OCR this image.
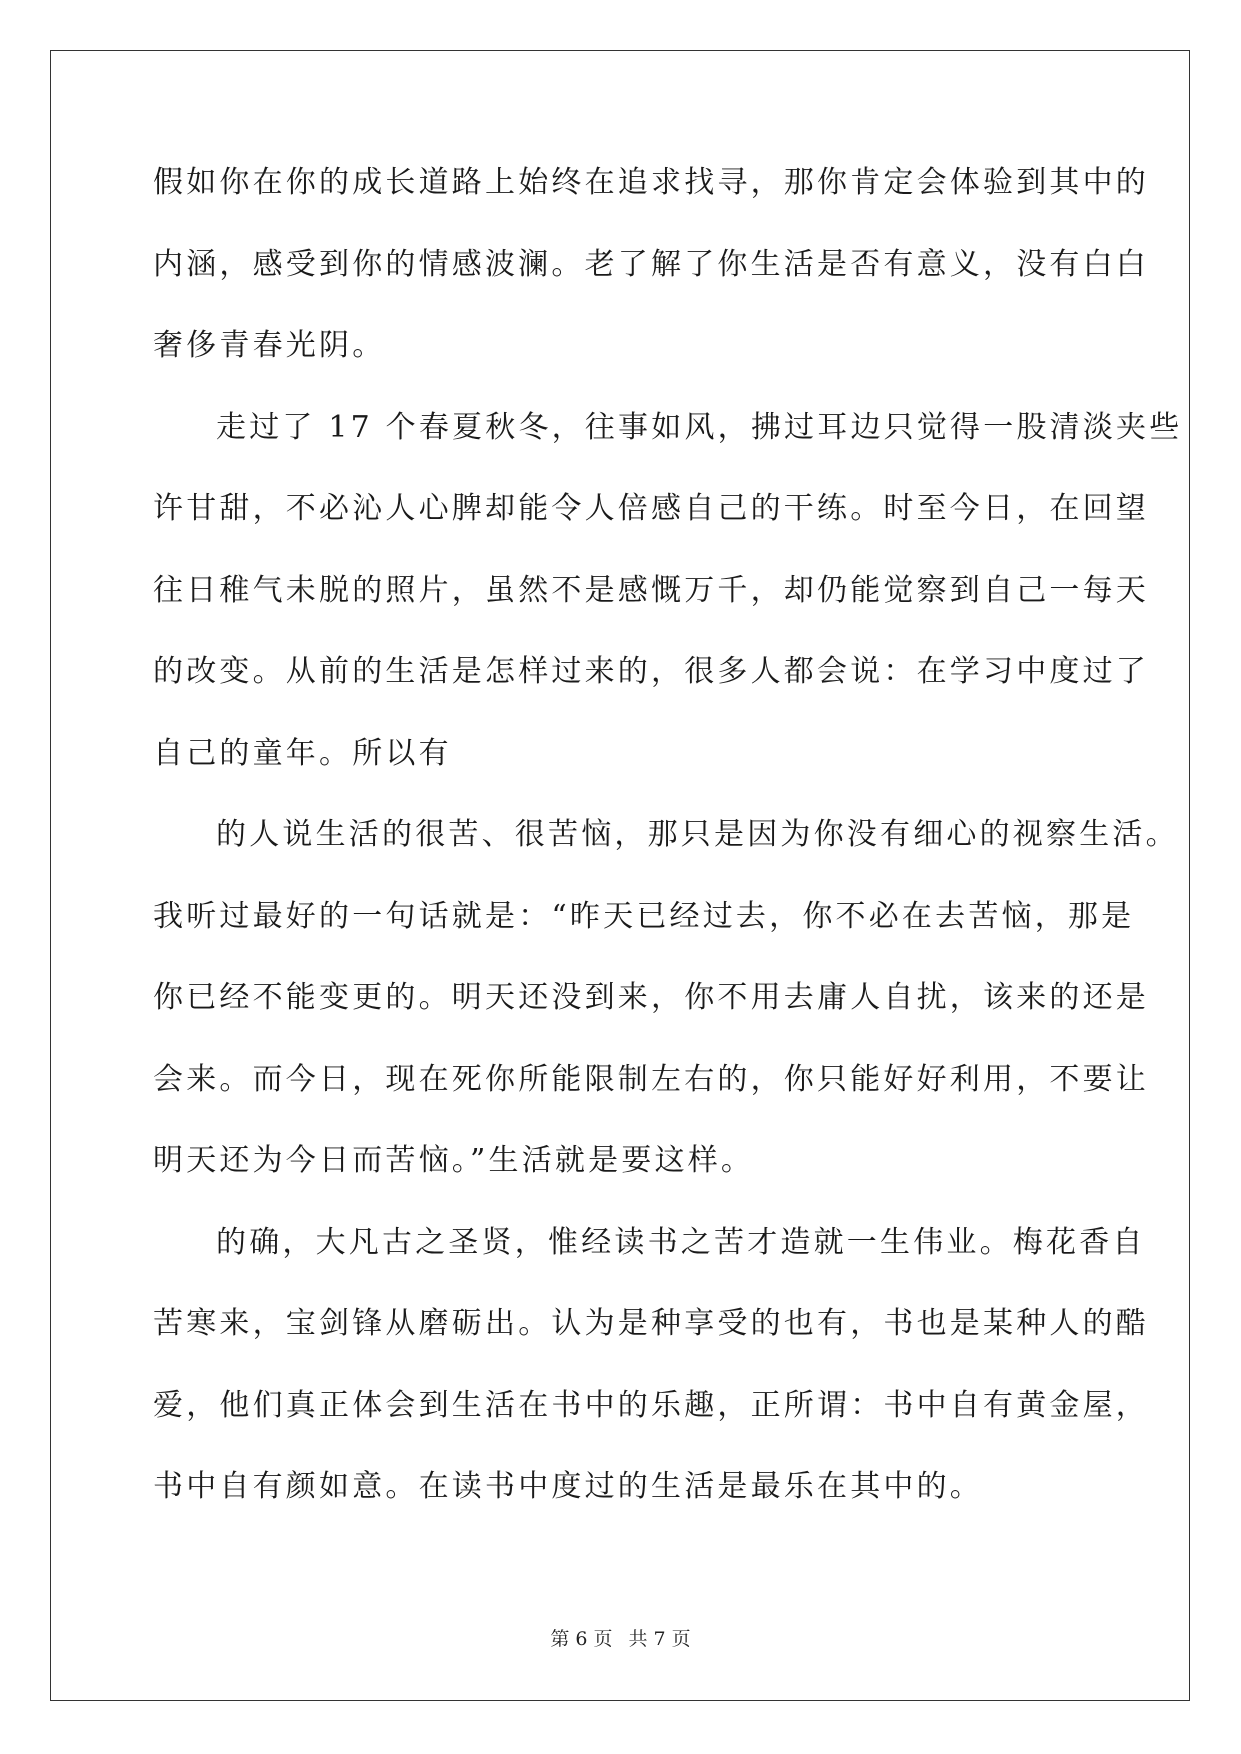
假如你在你的成长道路上始终在追求找寻，那你肯定会体验到其中的
内涵，感受到你的情感波澜。老了解了你生活是否有意义，没有白白
奢侈青春光阴。
走过了 17 个春夏秋冬，往事如风，拂过耳边只觉得一股清淡夹些
许甘甜，不必沁人心脾却能令人倍感自己的干练。时至今日，在回望
往日稚气未脱的照片，虽然不是感慨万千，却仍能觉察到自己一每天
的改变。从前的生活是怎样过来的，很多人都会说：在学习中度过了
自己的童年。所以有
的人说生活的很苦、很苦恼，那只是因为你没有细心的视察生活。
我听过最好的一句话就是：“昨天已经过去，你不必在去苦恼，那是
你已经不能变更的。明天还没到来，你不用去庸人自扰，该来的还是
会来。而今日，现在死你所能限制左右的，你只能好好利用，不要让
明天还为今日而苦恼。”生活就是要这样。
的确，大凡古之圣贤，惟经读书之苦才造就一生伟业。梅花香自
苦寒来，宝剑锋从磨砺出。认为是种享受的也有，书也是某种人的酷
爱，他们真正体会到生活在书中的乐趣，正所谓：书中自有黄金屋，
书中自有颜如意。在读书中度过的生活是最乐在其中的。
第 6 页 共 7 页
